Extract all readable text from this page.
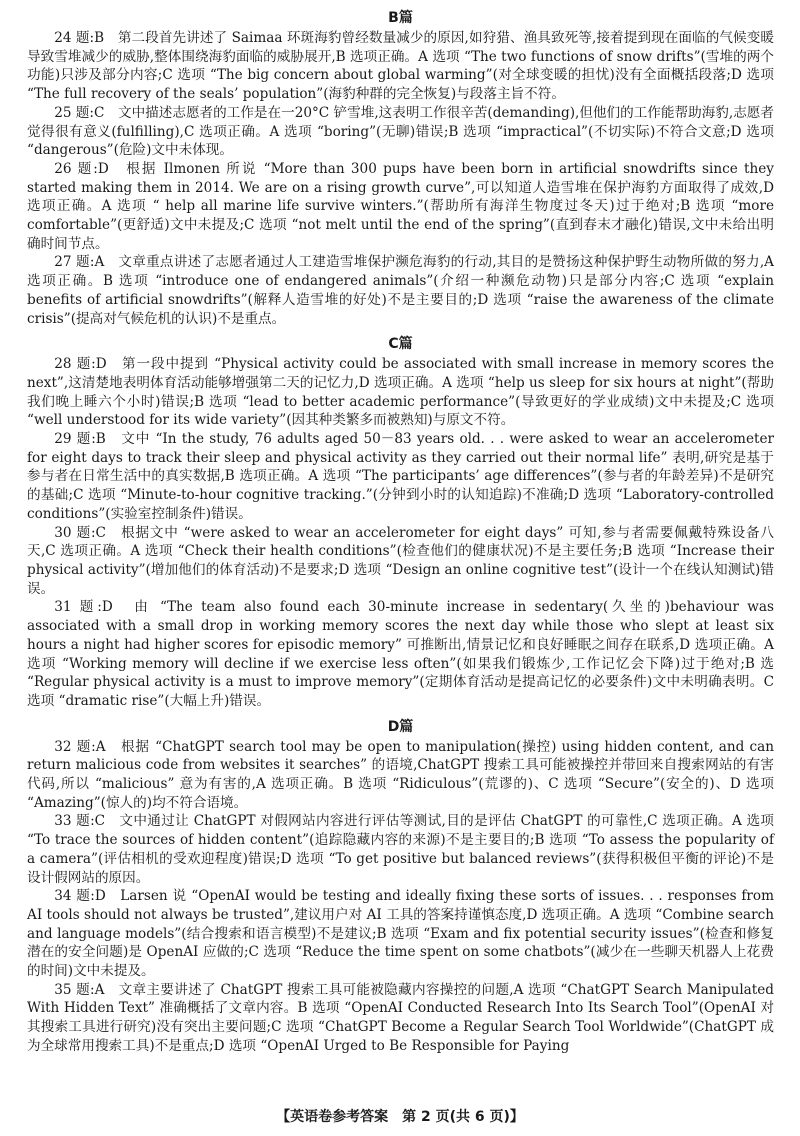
B篇

24 题:B　第二段首先讲述了 Saimaa 环斑海豹曾经数量减少的原因,如狩猎、渔具致死等,接着提到现在面临的气候变暖导致雪堆减少的威胁,整体围绕海豹面临的威胁展开,B 选项正确。A 选项 “The two functions of snow drifts”(雪堆的两个功能)只涉及部分内容;C 选项 “The big concern about global warming”(对全球变暖的担忧)没有全面概括段落;D 选项 “The full recovery of the seals’ population”(海豹种群的完全恢复)与段落主旨不符。

25 题:C　文中描述志愿者的工作是在一20°C 铲雪堆,这表明工作很辛苦(demanding),但他们的工作能帮助海豹,志愿者觉得很有意义(fulfilling),C 选项正确。A 选项 “boring”(无聊)错误;B 选项 “impractical”(不切实际)不符合文意;D 选项 “dangerous”(危险)文中未体现。

26 题:D　根据 Ilmonen 所说 “More than 300 pups have been born in artificial snowdrifts since they started making them in 2014. We are on a rising growth curve”,可以知道人造雪堆在保护海豹方面取得了成效,D 选项正确。A 选项 “ help all marine life survive winters.”(帮助所有海洋生物度过冬天)过于绝对;B 选项 “more comfortable”(更舒适)文中未提及;C 选项 “not melt until the end of the spring”(直到春末才融化)错误,文中未给出明确时间节点。

27 题:A　文章重点讲述了志愿者通过人工建造雪堆保护濒危海豹的行动,其目的是赞扬这种保护野生动物所做的努力,A 选项正确。B 选项 “introduce one of endangered animals”(介绍一种濒危动物)只是部分内容;C 选项 “explain benefits of artificial snowdrifts”(解释人造雪堆的好处)不是主要目的;D 选项 “raise the awareness of the climate crisis”(提高对气候危机的认识)不是重点。

C篇

28 题:D　第一段中提到 “Physical activity could be associated with small increase in memory scores the next”,这清楚地表明体育活动能够增强第二天的记忆力,D 选项正确。A 选项 “help us sleep for six hours at night”(帮助我们晚上睡六个小时)错误;B 选项 “lead to better academic performance”(导致更好的学业成绩)文中未提及;C 选项 “well understood for its wide variety”(因其种类繁多而被熟知)与原文不符。

29 题:B　文中 “In the study, 76 adults aged 50－83 years old. . . were asked to wear an accelerometer for eight days to track their sleep and physical activity as they carried out their normal life” 表明,研究是基于参与者在日常生活中的真实数据,B 选项正确。A 选项 “The participants’ age differences”(参与者的年龄差异)不是研究的基础;C 选项 “Minute-to-hour cognitive tracking.”(分钟到小时的认知追踪)不准确;D 选项 “Laboratory-controlled conditions”(实验室控制条件)错误。

30 题:C　根据文中 “were asked to wear an accelerometer for eight days” 可知,参与者需要佩戴特殊设备八天,C 选项正确。A 选项 “Check their health conditions”(检查他们的健康状况)不是主要任务;B 选项 “Increase their physical activity”(增加他们的体育活动)不是要求;D 选项 “Design an online cognitive test”(设计一个在线认知测试)错误。

31 题:D　由 “The team also found each 30-minute increase in sedentary(久坐的)behaviour was associated with a small drop in working memory scores the next day while those who slept at least six hours a night had higher scores for episodic memory” 可推断出,情景记忆和良好睡眠之间存在联系,D 选项正确。A 选项 “Working memory will decline if we exercise less often”(如果我们锻炼少,工作记忆会下降)过于绝对;B 选 “Regular physical activity is a must to improve memory”(定期体育活动是提高记忆的必要条件)文中未明确表明。C 选项 “dramatic rise”(大幅上升)错误。

D篇

32 题:A　根据 “ChatGPT search tool may be open to manipulation(操控) using hidden content, and can return malicious code from websites it searches” 的语境,ChatGPT 搜索工具可能被操控并带回来自搜索网站的有害代码,所以 “malicious” 意为有害的,A 选项正确。B 选项 “Ridiculous”(荒谬的)、C 选项 “Secure”(安全的)、D 选项 “Amazing”(惊人的)均不符合语境。

33 题:C　文中通过让 ChatGPT 对假网站内容进行评估等测试,目的是评估 ChatGPT 的可靠性,C 选项正确。A 选项 “To trace the sources of hidden content”(追踪隐藏内容的来源)不是主要目的;B 选项 “To assess the popularity of a camera”(评估相机的受欢迎程度)错误;D 选项 “To get positive but balanced reviews”(获得积极但平衡的评论)不是设计假网站的原因。

34 题:D　Larsen 说 “OpenAI would be testing and ideally fixing these sorts of issues. . . responses from AI tools should not always be trusted”,建议用户对 AI 工具的答案持谨慎态度,D 选项正确。A 选项 “Combine search and language models”(结合搜索和语言模型)不是建议;B 选项 “Exam and fix potential security issues”(检查和修复潜在的安全问题)是 OpenAI 应做的;C 选项 “Reduce the time spent on some chatbots”(减少在一些聊天机器人上花费的时间)文中未提及。

35 题:A　文章主要讲述了 ChatGPT 搜索工具可能被隐藏内容操控的问题,A 选项 “ChatGPT Search Manipulated With Hidden Text” 准确概括了文章内容。B 选项 “OpenAI Conducted Research Into Its Search Tool”(OpenAI 对其搜索工具进行研究)没有突出主要问题;C 选项 “ChatGPT Become a Regular Search Tool Worldwide”(ChatGPT 成为全球常用搜索工具)不是重点;D 选项 “OpenAI Urged to Be Responsible for Paying

【英语卷参考答案　第 2 页(共 6 页)】
